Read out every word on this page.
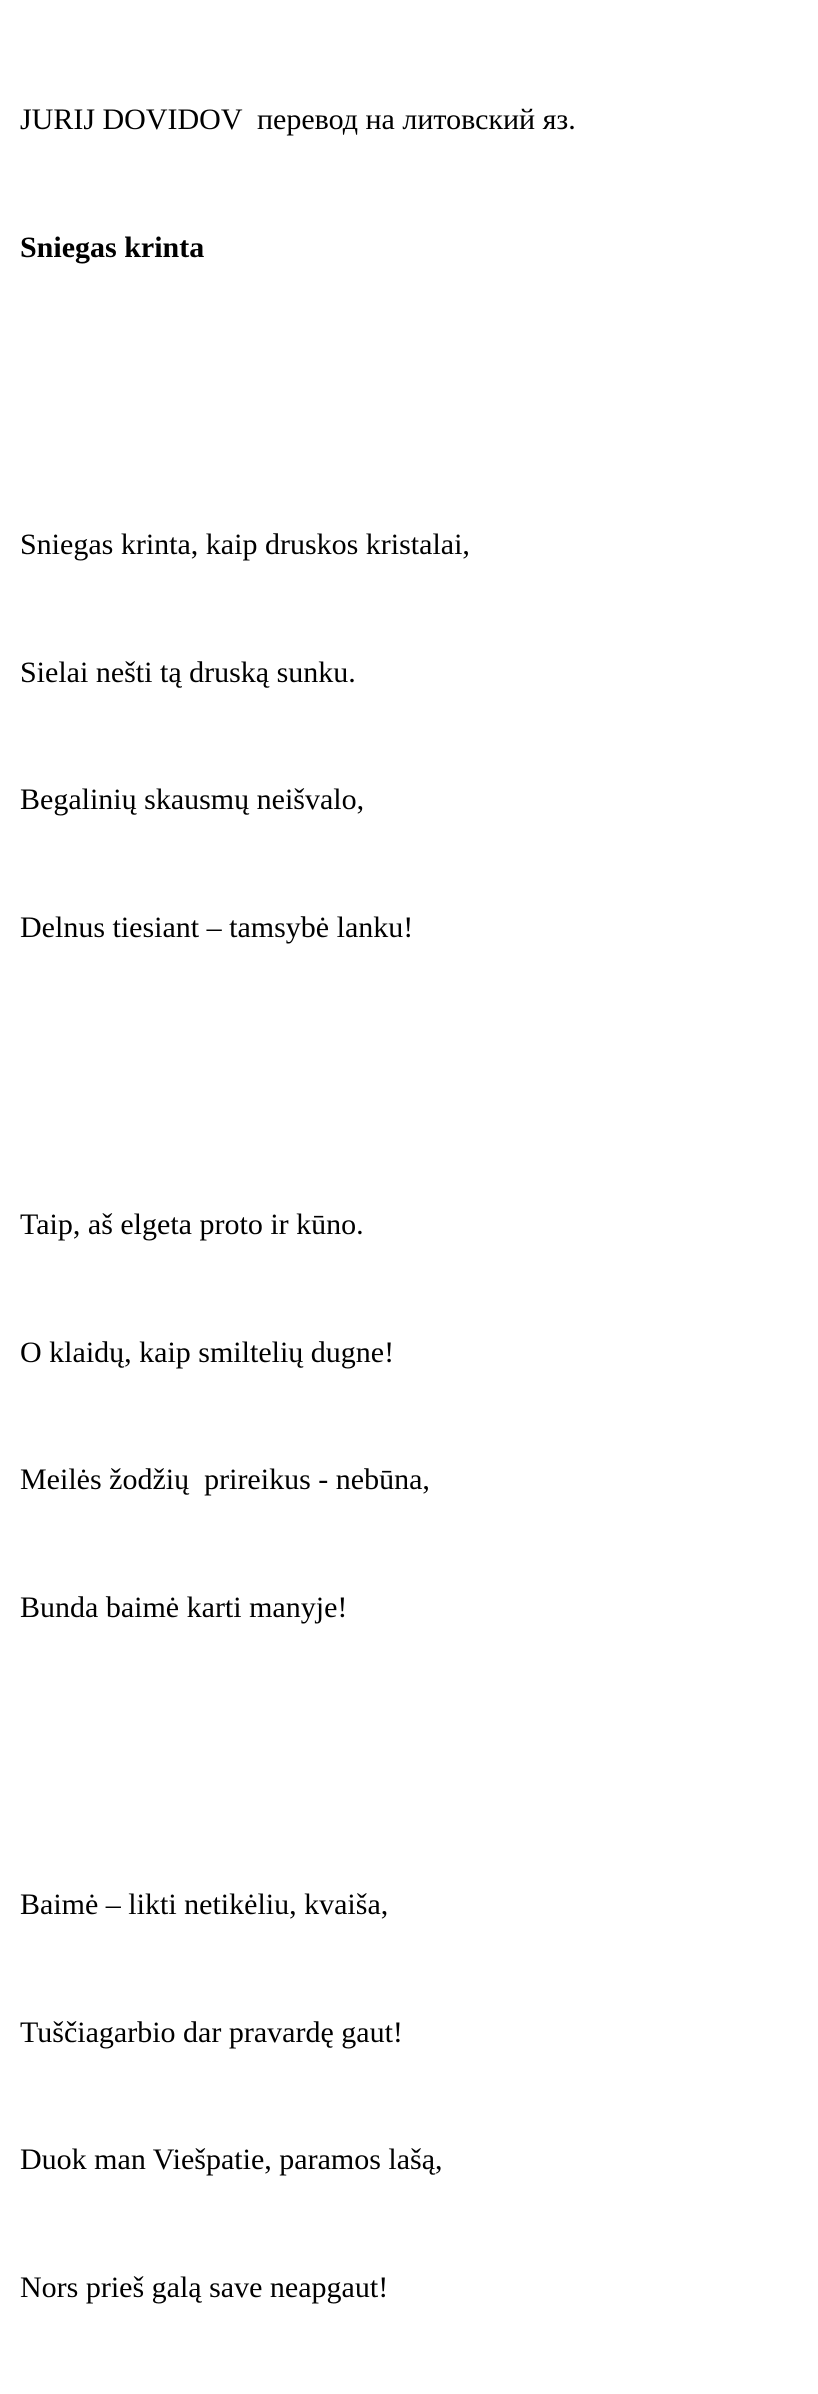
JURIJ DOVIDOV  перевод на литовский яз.

Sniegas krinta

Sniegas krinta, kaip druskos kristalai,

Sielai nešti tą druską sunku.

Begalinių skausmų neišvalo,

Delnus tiesiant – tamsybė lanku!

Taip, aš elgeta proto ir kūno.

O klaidų, kaip smiltelių dugne!

Meilės žodžių  prireikus - nebūna,

Bunda baimė karti manyje!

Baimė – likti netikėliu, kvaiša,

Tuščiagarbio dar pravardę gaut!

Duok man Viešpatie, paramos lašą,

Nors prieš galą save neapgaut!
